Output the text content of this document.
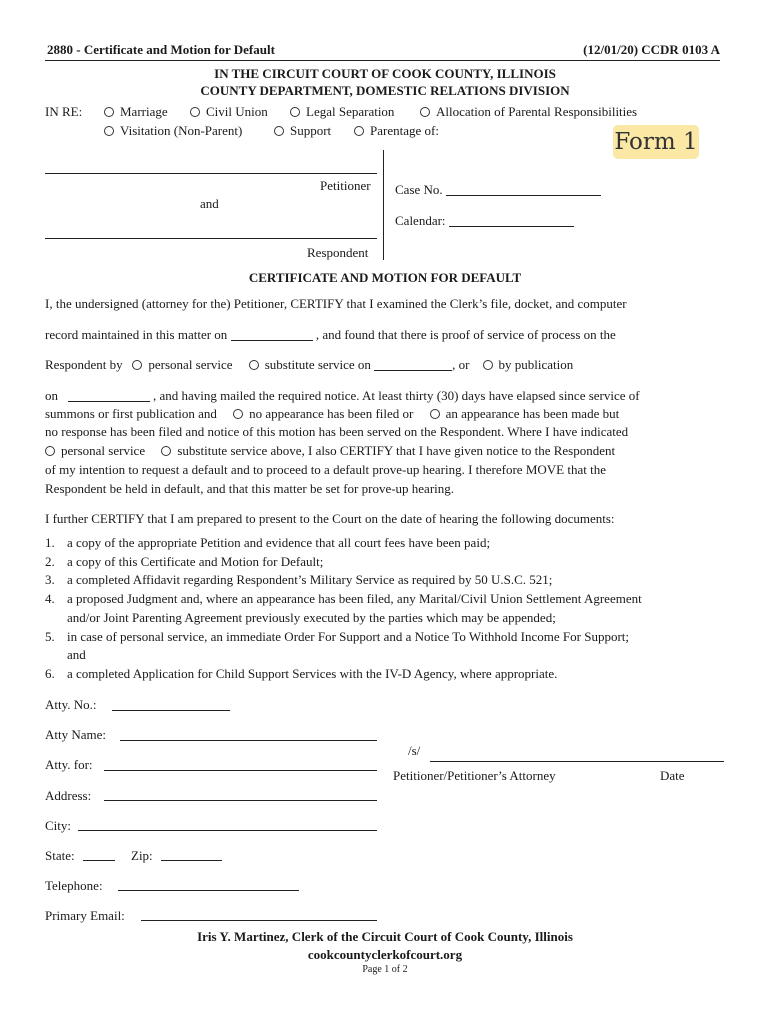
2880 - Certificate and Motion for Default	(12/01/20) CCDR 0103 A
IN THE CIRCUIT COURT OF COOK COUNTY, ILLINOIS
COUNTY DEPARTMENT, DOMESTIC RELATIONS DIVISION
IN RE:	Marriage	Civil Union	Legal Separation	Allocation of Parental Responsibilities
Visitation (Non-Parent)	Support	Parentage of:	Form 1
Petitioner
and
Respondent
Case No.
Calendar:
CERTIFICATE AND MOTION FOR DEFAULT
I, the undersigned (attorney for the) Petitioner, CERTIFY that I examined the Clerk’s file, docket, and computer
record maintained in this matter on	, and found that there is proof of service of process on the
Respondent by personal service substitute service on	, or by publication
on	, and having mailed the required notice. At least thirty (30) days have elapsed since service of
summons or first publication and no appearance has been filed or an appearance has been made but
no response has been filed and notice of this motion has been served on the Respondent. Where I have indicated
personal service substitute service above, I also CERTIFY that I have given notice to the Respondent
of my intention to request a default and to proceed to a default prove-up hearing. I therefore MOVE that the
Respondent be held in default, and that this matter be set for prove-up hearing.
I further CERTIFY that I am prepared to present to the Court on the date of hearing the following documents:
1. a copy of the appropriate Petition and evidence that all court fees have been paid;
2. a copy of this Certificate and Motion for Default;
3. a completed Affidavit regarding Respondent’s Military Service as required by 50 U.S.C. 521;
4. a proposed Judgment and, where an appearance has been filed, any Marital/Civil Union Settlement Agreement
and/or Joint Parenting Agreement previously executed by the parties which may be appended;
5. in case of personal service, an immediate Order For Support and a Notice To Withhold Income For Support;
and
6. a completed Application for Child Support Services with the IV-D Agency, where appropriate.
Atty. No.:
Atty Name:
Atty. for:
Address:
City:
State:	Zip:
Telephone:
Primary Email:
/s/
Petitioner/Petitioner’s Attorney	Date
Iris Y. Martinez, Clerk of the Circuit Court of Cook County, Illinois
cookcountyclerkofcourt.org
Page 1 of 2
